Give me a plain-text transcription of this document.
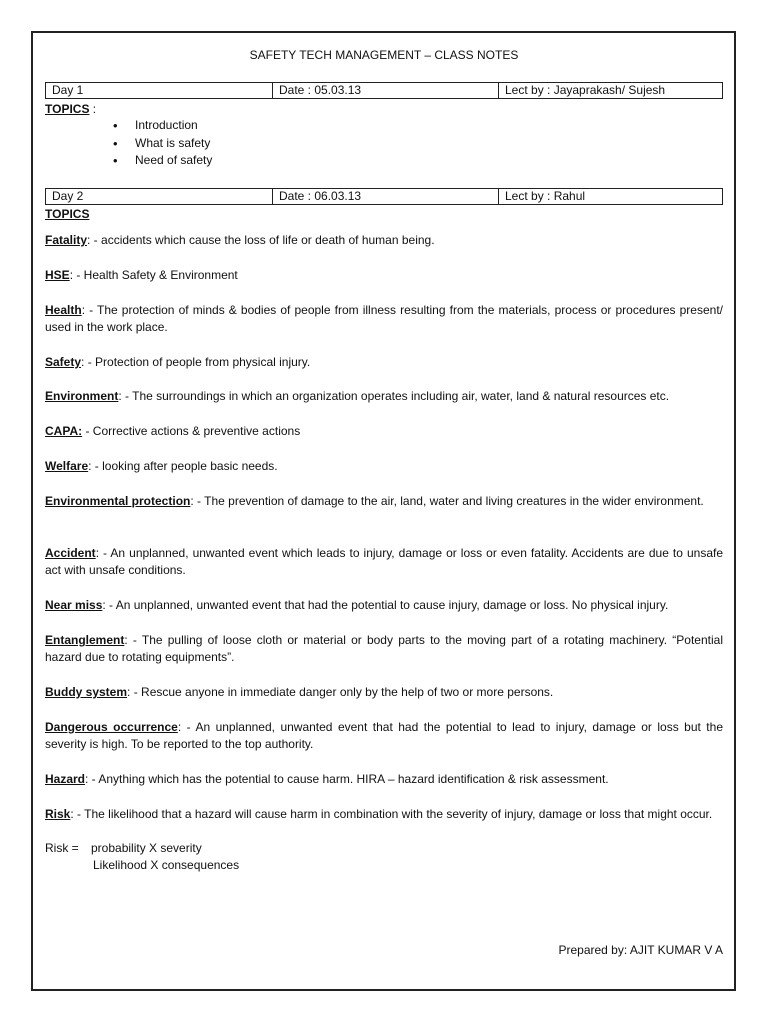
SAFETY TECH MANAGEMENT – CLASS NOTES
Day 1	Date : 05.03.13	Lect by : Jayaprakash/ Sujesh
TOPICS :
• Introduction
• What is safety
• Need of safety
Day 2	Date : 06.03.13	Lect by : Rahul
TOPICS
Fatality: - accidents which cause the loss of life or death of human being.
HSE: - Health Safety & Environment
Health: - The protection of minds & bodies of people from illness resulting from the materials, process or procedures present/ used in the work place.
Safety: - Protection of people from physical injury.
Environment: - The surroundings in which an organization operates including air, water, land & natural resources etc.
CAPA: - Corrective actions & preventive actions
Welfare: - looking after people basic needs.
Environmental protection: - The prevention of damage to the air, land, water and living creatures in the wider environment.
Accident: - An unplanned, unwanted event which leads to injury, damage or loss or even fatality. Accidents are due to unsafe act with unsafe conditions.
Near miss: - An unplanned, unwanted event that had the potential to cause injury, damage or loss. No physical injury.
Entanglement: - The pulling of loose cloth or material or body parts to the moving part of a rotating machinery. “Potential hazard due to rotating equipments”.
Buddy system: - Rescue anyone in immediate danger only by the help of two or more persons.
Dangerous occurrence: - An unplanned, unwanted event that had the potential to lead to injury, damage or loss but the severity is high. To be reported to the top authority.
Hazard: - Anything which has the potential to cause harm. HIRA – hazard identification & risk assessment.
Risk: - The likelihood that a hazard will cause harm in combination with the severity of injury, damage or loss that might occur.
Risk = probability X severity
Likelihood X consequences
Prepared by: AJIT KUMAR V A
